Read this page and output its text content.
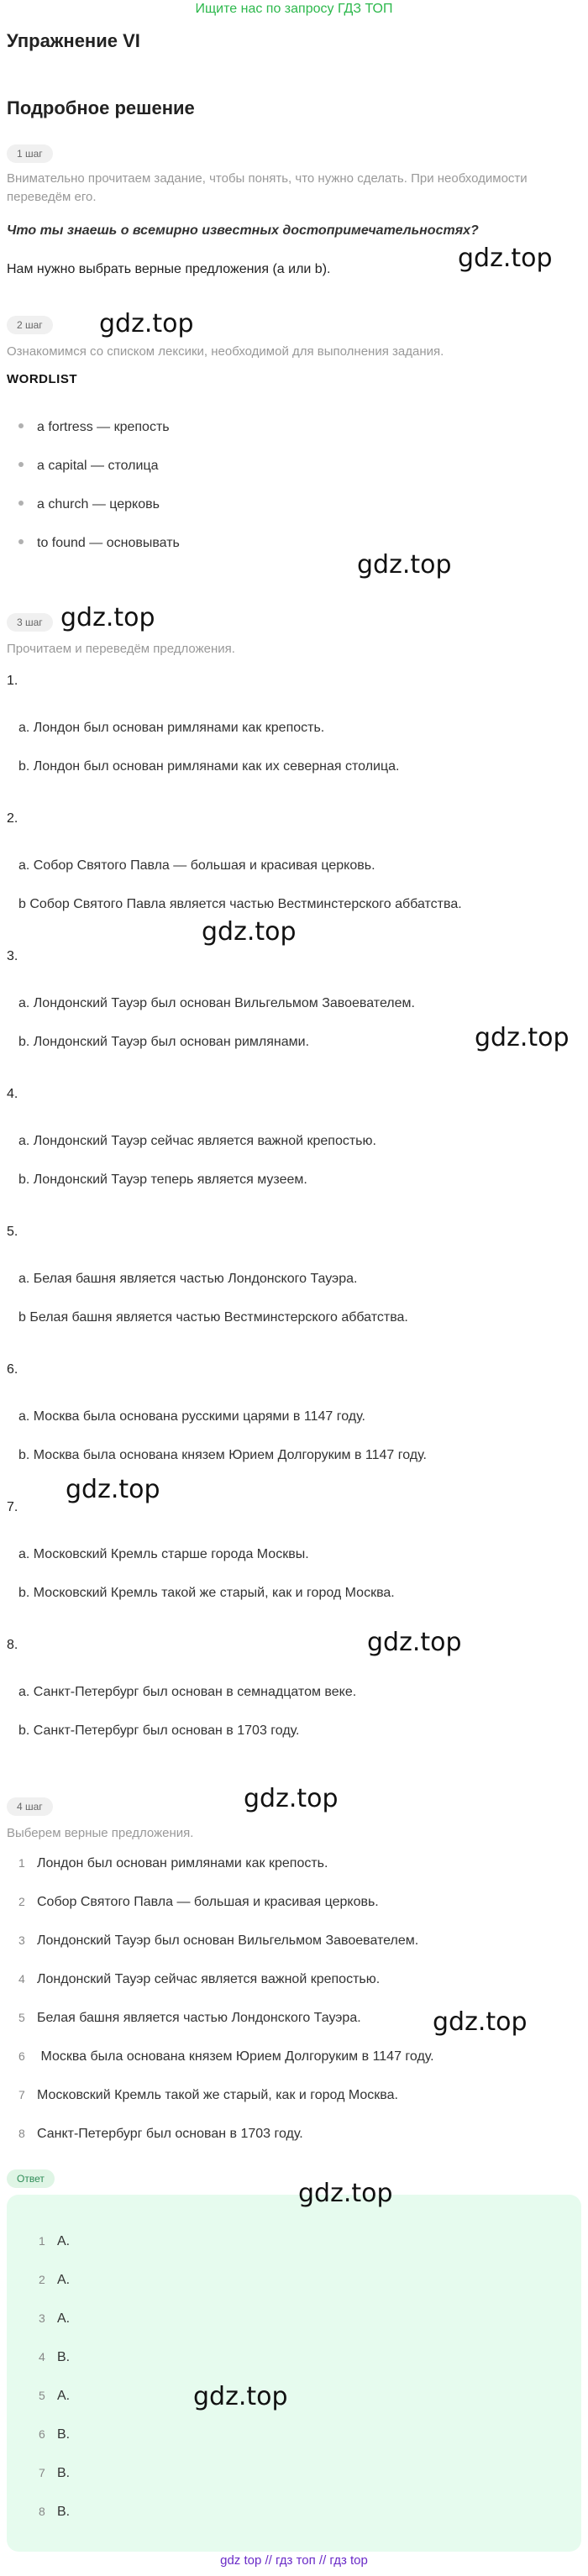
Ищите нас по запросу ГДЗ ТОП
Упражнение VI
Подробное решение
1 шаг
Внимательно прочитаем задание, чтобы понять, что нужно сделать. При необходимости
переведём его.
Что ты знаешь о всемирно известных достопримечательностях?
Нам нужно выбрать верные предложения (a или b).
2 шаг
Ознакомимся со списком лексики, необходимой для выполнения задания.
WORDLIST
a fortress — крепость
a capital — столица
a church — церковь
to found — основывать
3 шаг
Прочитаем и переведём предложения.
1.
a. Лондон был основан римлянами как крепость.
b. Лондон был основан римлянами как их северная столица.
2.
a. Собор Святого Павла — большая и красивая церковь.
b Собор Святого Павла является частью Вестминстерского аббатства.
3.
a. Лондонский Тауэр был основан Вильгельмом Завоевателем.
b. Лондонский Тауэр был основан римлянами.
4.
a. Лондонский Тауэр сейчас является важной крепостью.
b. Лондонский Тауэр теперь является музеем.
5.
a. Белая башня является частью Лондонского Тауэра.
b Белая башня является частью Вестминстерского аббатства.
6.
a. Москва была основана русскими царями в 1147 году.
b. Москва была основана князем Юрием Долгоруким в 1147 году.
7.
a. Московский Кремль старше города Москвы.
b. Московский Кремль такой же старый, как и город Москва.
8.
a. Санкт-Петербург был основан в семнадцатом веке.
b. Санкт-Петербург был основан в 1703 году.
4 шаг
Выберем верные предложения.
1 Лондон был основан римлянами как крепость.
2 Собор Святого Павла — большая и красивая церковь.
3 Лондонский Тауэр был основан Вильгельмом Завоевателем.
4 Лондонский Тауэр сейчас является важной крепостью.
5 Белая башня является частью Лондонского Тауэра.
6 Москва была основана князем Юрием Долгоруким в 1147 году.
7 Московский Кремль такой же старый, как и город Москва.
8 Санкт-Петербург был основан в 1703 году.
Ответ
1 A.
2 A.
3 A.
4 B.
5 A.
6 B.
7 B.
8 B.
gdz.top
gdz.top
gdz.top
gdz.top
gdz.top
gdz.top
gdz.top
gdz.top
gdz.top
gdz.top
gdz.top
gdz.top
gdz top // гдз топ // гдз top
